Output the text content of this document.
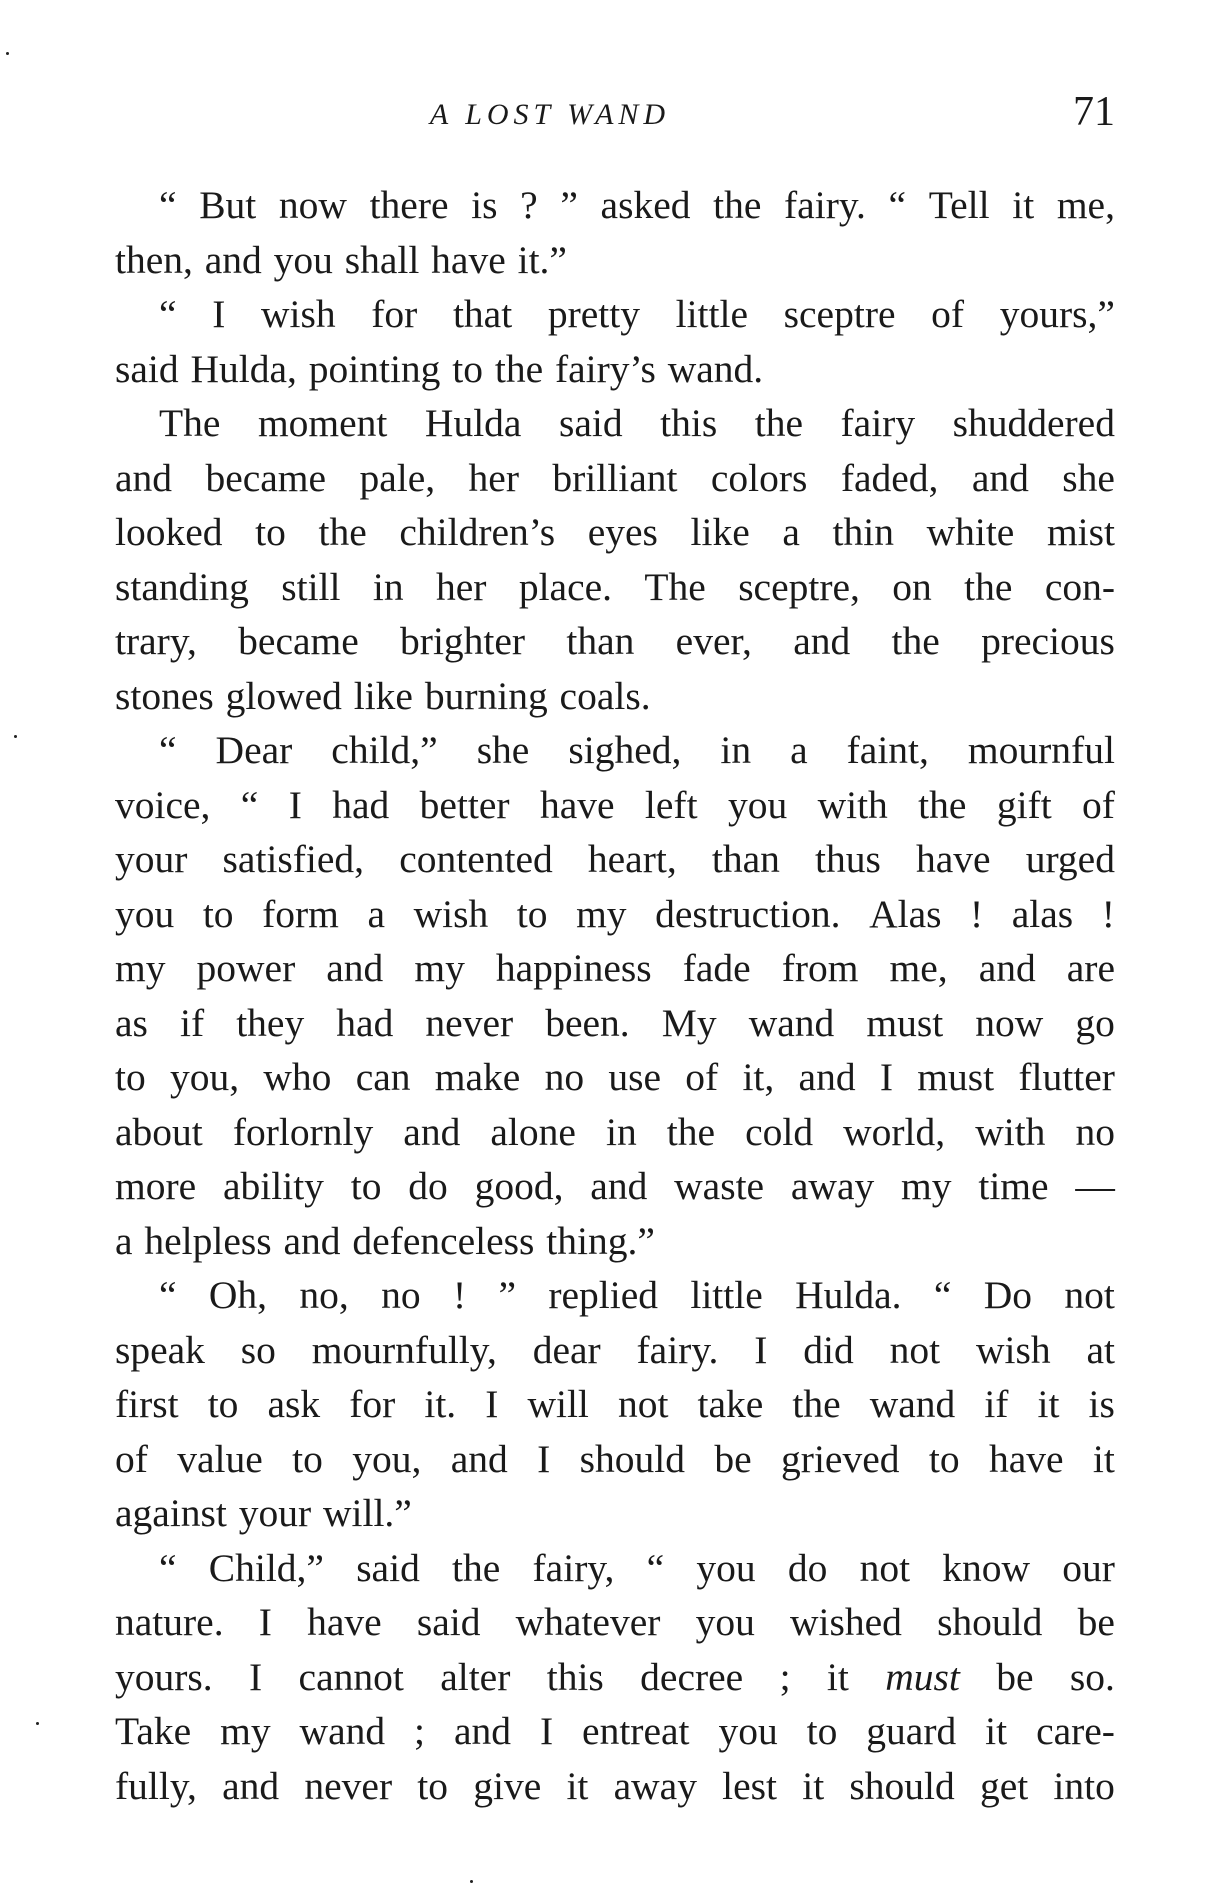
A LOST WAND	71
“ But now there is ? ” asked the fairy. “ Tell it me,
then, and you shall have it.”
“ I wish for that pretty little sceptre of yours,”
said Hulda, pointing to the fairy’s wand.
The moment Hulda said this the fairy shuddered
and became pale, her brilliant colors faded, and she
looked to the children’s eyes like a thin white mist
standing still in her place. The sceptre, on the con-
trary, became brighter than ever, and the precious
stones glowed like burning coals.
“ Dear child,” she sighed, in a faint, mournful
voice, “ I had better have left you with the gift of
your satisfied, contented heart, than thus have urged
you to form a wish to my destruction. Alas ! alas !
my power and my happiness fade from me, and are
as if they had never been. My wand must now go
to you, who can make no use of it, and I must flutter
about forlornly and alone in the cold world, with no
more ability to do good, and waste away my time —
a helpless and defenceless thing.”
“ Oh, no, no ! ” replied little Hulda. “ Do not
speak so mournfully, dear fairy. I did not wish at
first to ask for it. I will not take the wand if it is
of value to you, and I should be grieved to have it
against your will.”
“ Child,” said the fairy, “ you do not know our
nature. I have said whatever you wished should be
yours. I cannot alter this decree ; it must be so.
Take my wand ; and I entreat you to guard it care-
fully, and never to give it away lest it should get into
